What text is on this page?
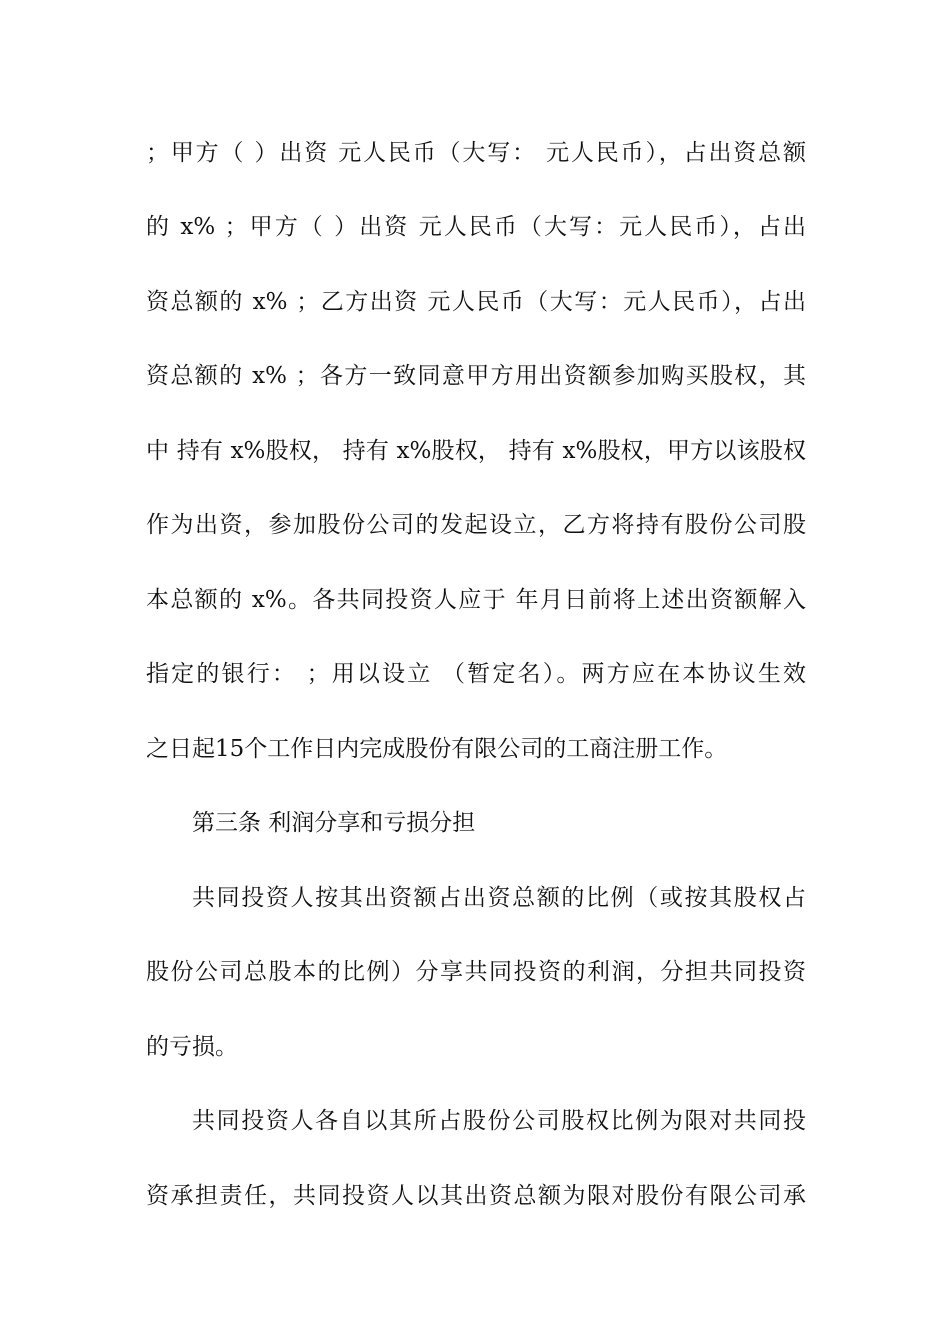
；甲方（ ）出资 元人民币（大写： 元人民币），占出资总额
的 x% ；甲方（ ）出资 元人民币（大写：元人民币），占出
资总额的 x% ；乙方出资 元人民币（大写：元人民币），占出
资总额的 x% ；各方一致同意甲方用出资额参加购买股权，其
中 持有 x%股权， 持有 x%股权， 持有 x%股权，甲方以该股权
作为出资，参加股份公司的发起设立，乙方将持有股份公司股
本总额的 x%。各共同投资人应于 年月日前将上述出资额解入
指定的银行： ；用以设立 （暂定名）。两方应在本协议生效
之日起15个工作日内完成股份有限公司的工商注册工作。
第三条 利润分享和亏损分担
共同投资人按其出资额占出资总额的比例（或按其股权占
股份公司总股本的比例）分享共同投资的利润，分担共同投资
的亏损。
共同投资人各自以其所占股份公司股权比例为限对共同投
资承担责任，共同投资人以其出资总额为限对股份有限公司承
